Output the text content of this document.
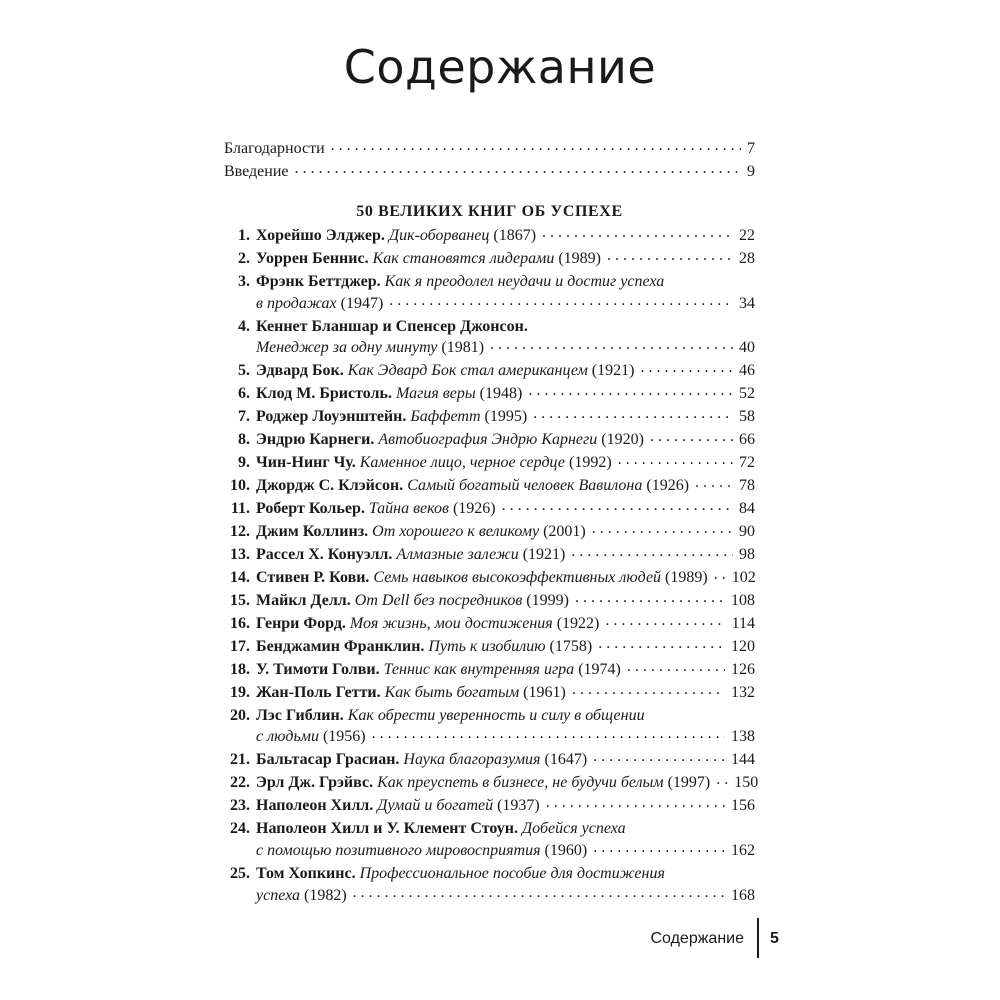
Содержание
Благодарности . . .	7
Введение . . .	9
50 ВЕЛИКИХ КНИГ ОБ УСПЕХЕ
1. Хорейшо Элджер.
Дик-оборванец
(1867) . . .	22
2. Уоррен Беннис.
Как становятся лидерами
(1989) . . .	28
3. Фрэнк Беттджер.
Как я преодолел неудачи и достиг успеха
в продажах
(1947) . . .	34
4. Кеннет Бланшар и Спенсер Джонсон.
Менеджер за одну минуту
(1981) . . .	40
5. Эдвард Бок.
Как Эдвард Бок стал американцем
(1921) . . .	46
6. Клод М. Бристоль.
Магия веры
(1948) . . .	52
7. Роджер Лоуэнштейн.
Баффетт
(1995) . . .	58
8. Эндрю Карнеги.
Автобиография Эндрю Карнеги
(1920) . . .	66
9. Чин-Нинг Чу.
Каменное лицо, черное сердце
(1992) . . .	72
10. Джордж С. Клэйсон.
Самый богатый человек Вавилона
(1926) . . .	78
11. Роберт Кольер.
Тайна веков
(1926) . . .	84
12. Джим Коллинз.
От хорошего к великому
(2001) . . .	90
13. Рассел Х. Конуэлл.
Алмазные залежи
(1921) . . .	98
14. Стивен Р. Кови.
Семь навыков высокоэффективных людей
(1989) . . . 102
15. Майкл Делл.
От Dell без посредников
(1999) . . .	108
16. Генри Форд.
Моя жизнь, мои достижения
(1922) . . .	114
17. Бенджамин Франклин.
Путь к изобилию
(1758) . . .	120
18. У. Тимоти Голви.
Теннис как внутренняя игра
(1974) . . .	126
19. Жан-Поль Гетти.
Как быть богатым
(1961) . . .	132
20. Лэс Гиблин.
Как обрести уверенность и силу в общении
с людьми
(1956) . . .	138
21. Бальтасар Грасиан.
Наука благоразумия
(1647) . . .	144
22. Эрл Дж. Грэйвс.
Как преуспеть в бизнесе, не будучи белым
(1997) . . . 150
23. Наполеон Хилл.
Думай и богатей
(1937) . . .	156
24. Наполеон Хилл и У. Клемент Стоун.
Добейся успеха
с помощью позитивного мировосприятия
(1960) . . .	162
25. Том Хопкинс.
Профессиональное пособие для достижения
успеха
(1982) . . .	168
Содержание 5
